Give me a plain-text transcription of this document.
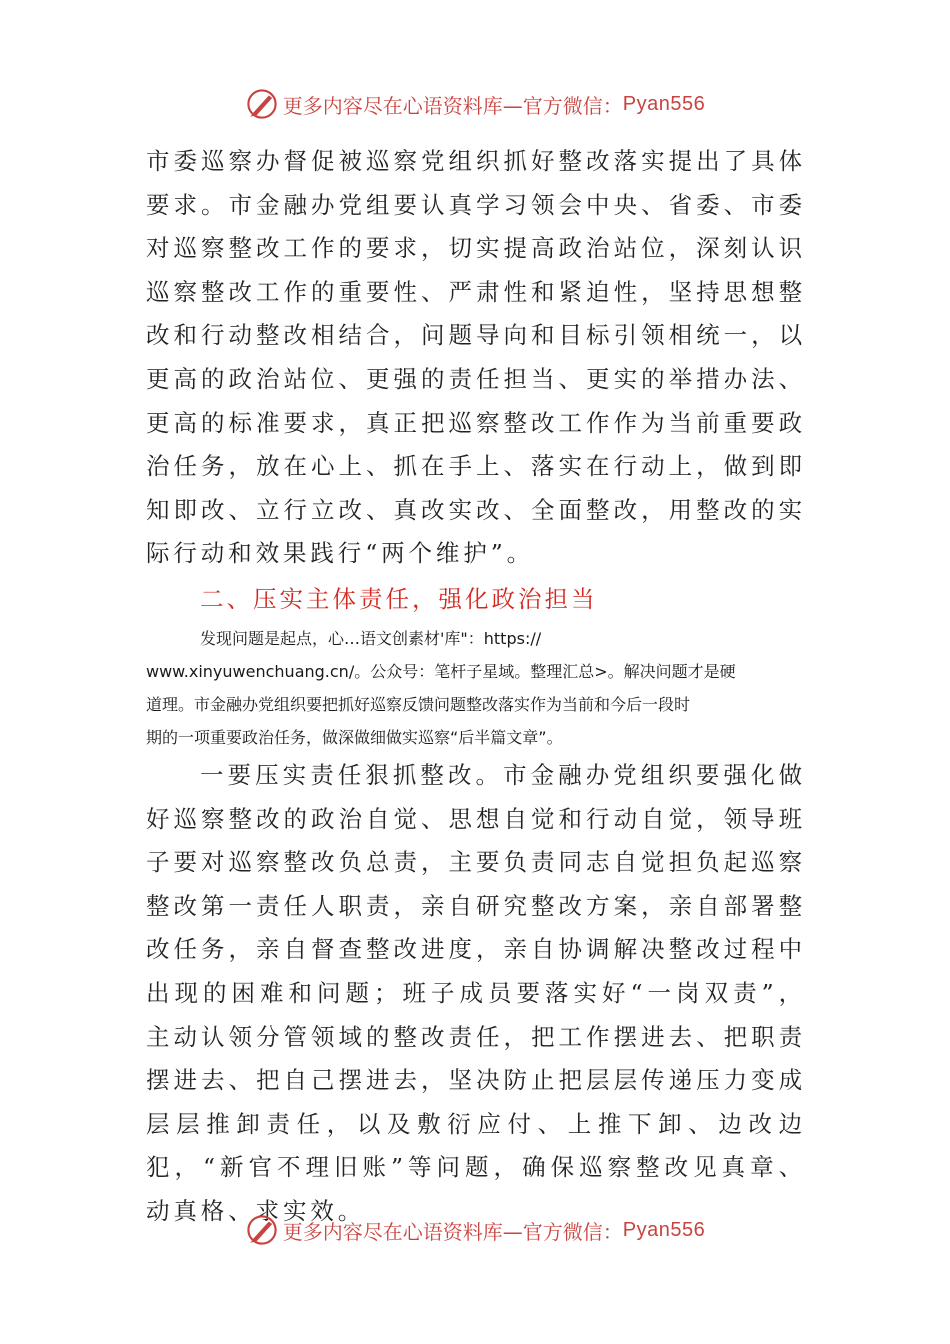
更多内容尽在心语资料库—官方微信： Pyan556

市委巡察办督促被巡察党组织抓好整改落实提出了具体要求。市金融办党组要认真学习领会中央、省委、市委对巡察整改工作的要求，切实提高政治站位，深刻认识巡察整改工作的重要性、严肃性和紧迫性，坚持思想整改和行动整改相结合，问题导向和目标引领相统一，以更高的政治站位、更强的责任担当、更实的举措办法、更高的标准要求，真正把巡察整改工作作为当前重要政治任务，放在心上、抓在手上、落实在行动上，做到即知即改、立行立改、真改实改、全面整改，用整改的实际行动和效果践行“两个维护”。

二、压实主体责任，强化政治担当

发现问题是起点，心…语文创素材'库"：https://
www.xinyuwenchuang.cn/。公众号：笔杆子星域。整理汇总>。解决问题才是硬
道理。市金融办党组织要把抓好巡察反馈问题整改落实作为当前和今后一段时
期的一项重要政治任务，做深做细做实巡察“后半篇文章”。

一要压实责任狠抓整改。市金融办党组织要强化做好巡察整改的政治自觉、思想自觉和行动自觉，领导班子要对巡察整改负总责，主要负责同志自觉担负起巡察整改第一责任人职责，亲自研究整改方案，亲自部署整改任务，亲自督查整改进度，亲自协调解决整改过程中出现的困难和问题；班子成员要落实好“一岗双责”，主动认领分管领域的整改责任，把工作摆进去、把职责摆进去、把自己摆进去，坚决防止把层层传递压力变成层层推卸责任，以及敷衍应付、上推下卸、边改边犯，“新官不理旧账”等问题，确保巡察整改见真章、动真格、求实效。

更多内容尽在心语资料库—官方微信： Pyan556
